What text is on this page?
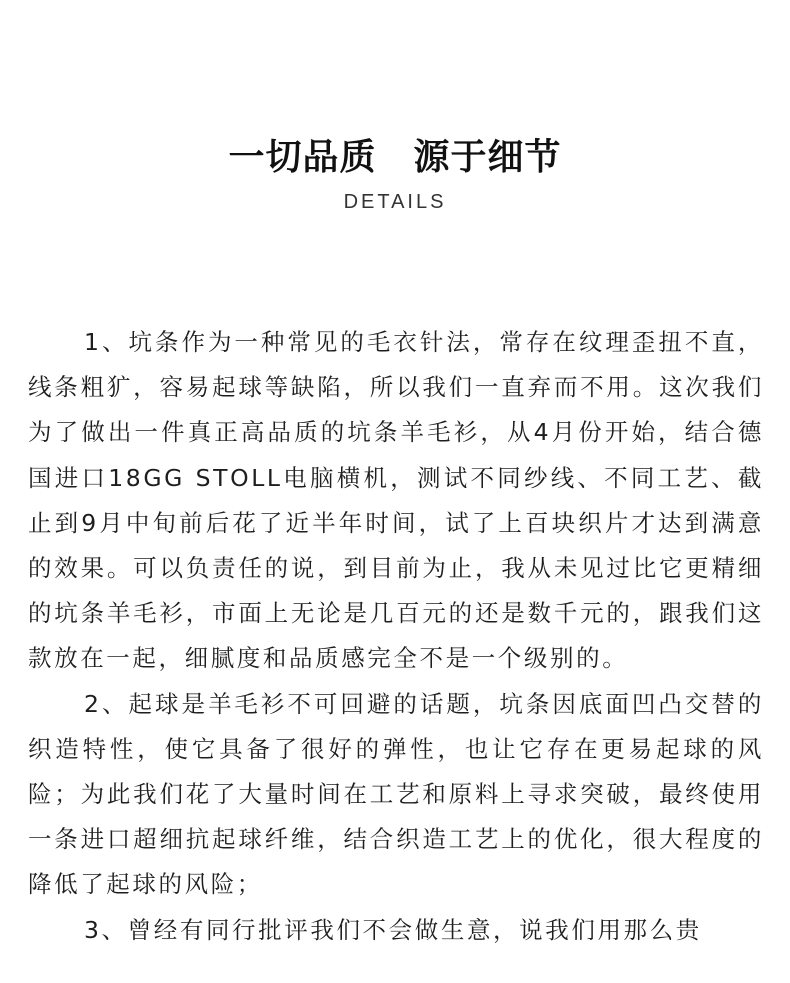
一切品质　源于细节
DETAILS

1、坑条作为一种常见的毛衣针法，常存在纹理歪扭不直，线条粗犷，容易起球等缺陷，所以我们一直弃而不用。这次我们为了做出一件真正高品质的坑条羊毛衫，从4月份开始，结合德国进口18GG STOLL电脑横机，测试不同纱线、不同工艺、截止到9月中旬前后花了近半年时间，试了上百块织片才达到满意的效果。可以负责任的说，到目前为止，我从未见过比它更精细的坑条羊毛衫，市面上无论是几百元的还是数千元的，跟我们这款放在一起，细腻度和品质感完全不是一个级别的。

2、起球是羊毛衫不可回避的话题，坑条因底面凹凸交替的织造特性，使它具备了很好的弹性，也让它存在更易起球的风险；为此我们花了大量时间在工艺和原料上寻求突破，最终使用一条进口超细抗起球纤维，结合织造工艺上的优化，很大程度的降低了起球的风险；

3、曾经有同行批评我们不会做生意，说我们用那么贵
